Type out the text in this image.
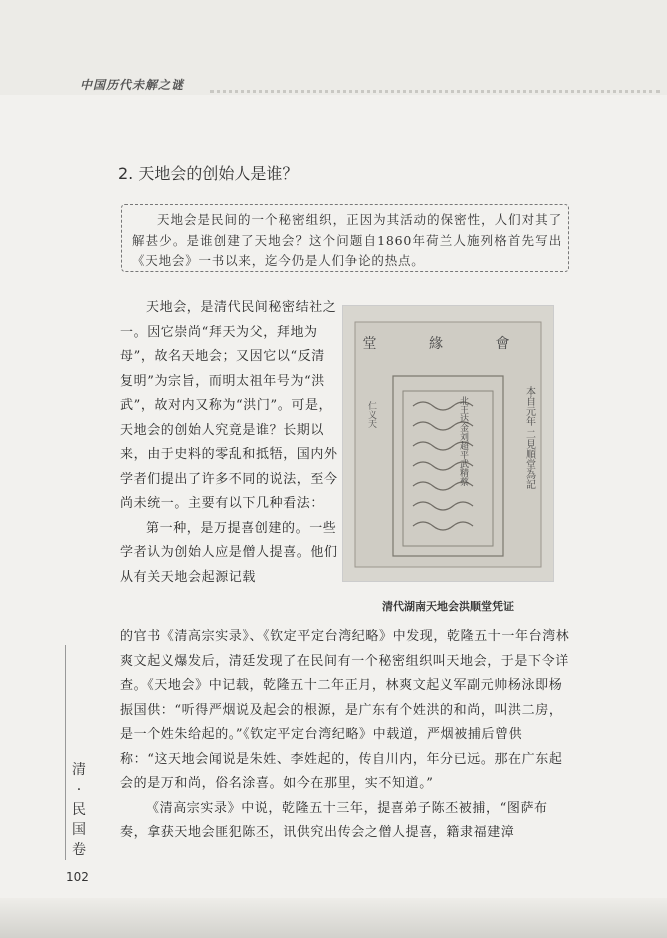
中国历代未解之谜
2. 天地会的创始人是谁？

天地会是民间的一个秘密组织，正因为其活动的保密性，人们对其了解甚少。是谁创建了天地会？这个问题自1860年荷兰人施列格首先写出《天地会》一书以来，迄今仍是人们争论的热点。

天地会，是清代民间秘密结社之一。因它崇尚“拜天为父，拜地为母”，故名天地会；又因它以“反清复明”为宗旨，而明太祖年号为“洪武”，故对内又称为“洪门”。可是，天地会的创始人究竟是谁？长期以来，由于史料的零乱和抵牾，国内外学者们提出了许多不同的说法，至今尚未统一。主要有以下几种看法：

第一种，是万提喜创建的。一些学者认为创始人应是僧人提喜。他们从有关天地会起源记载

堂 緣 會
本自元年 二見順堂為記
北王达金刘超平武精蔡
仁义天
清代湖南天地会洪顺堂凭证

的官书《清高宗实录》、《钦定平定台湾纪略》中发现，乾隆五十一年台湾林爽文起义爆发后，清廷发现了在民间有一个秘密组织叫天地会，于是下令详查。《天地会》中记载，乾隆五十二年正月，林爽文起义军副元帅杨泳即杨振国供：“听得严烟说及起会的根源，是广东有个姓洪的和尚，叫洪二房，是一个姓朱给起的。”《钦定平定台湾纪略》中载道，严烟被捕后曾供称：“这天地会闻说是朱姓、李姓起的，传自川内，年分已远。那在广东起会的是万和尚，俗名涂喜。如今在那里，实不知道。”

《清高宗实录》中说，乾隆五十三年，提喜弟子陈丕被捕，“图萨布奏，拿获天地会匪犯陈丕，讯供究出传会之僧人提喜，籍隶福建漳

清
·
民
国
卷
102
